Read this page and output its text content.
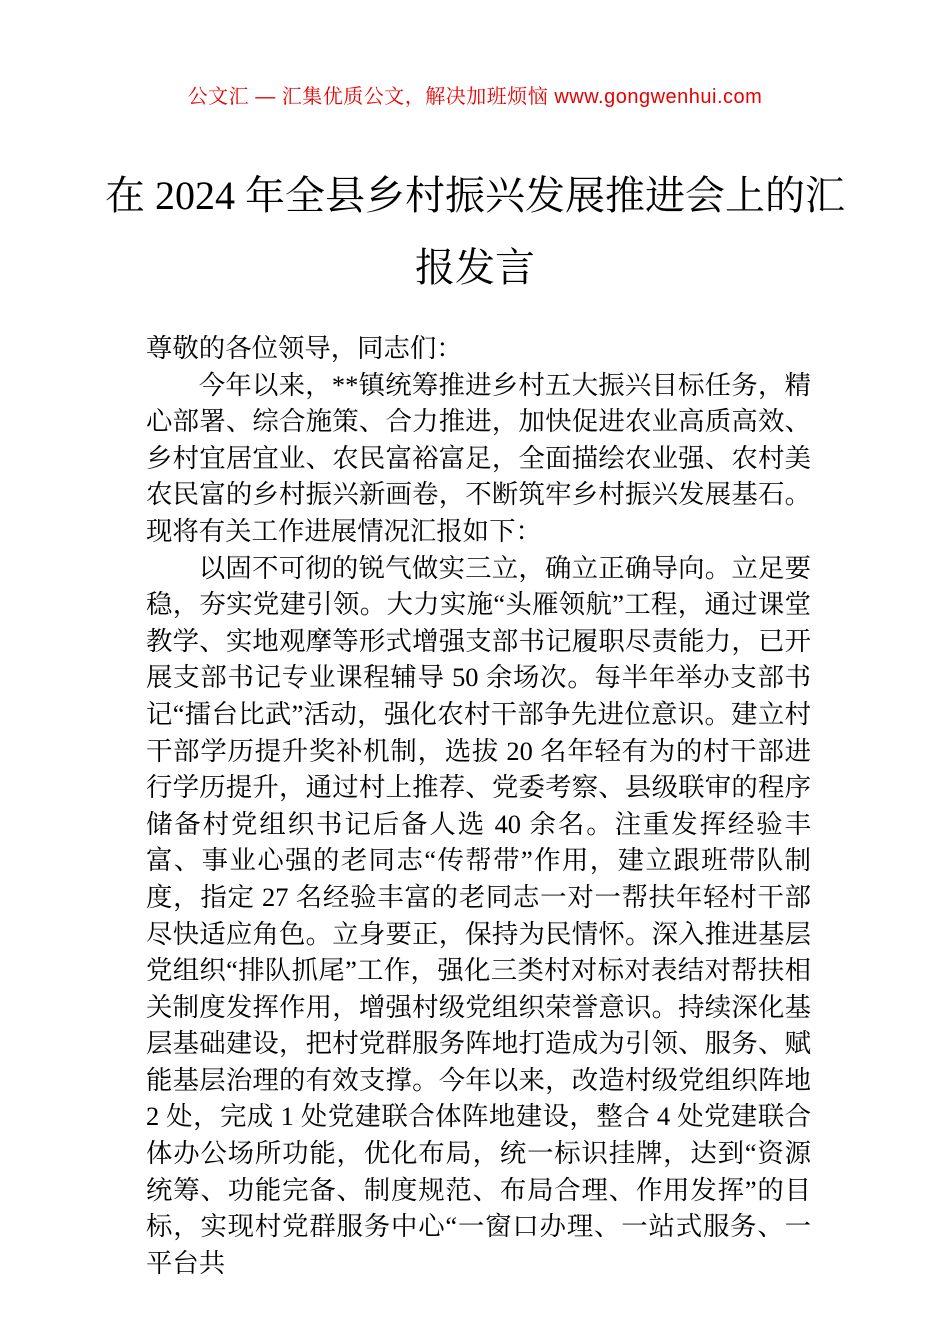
公文汇 — 汇集优质公文，解决加班烦恼 www.gongwenhui.com
在 2024 年全县乡村振兴发展推进会上的汇
报发言

尊敬的各位领导，同志们：

今年以来，**镇统筹推进乡村五大振兴目标任务，精心部署、综合施策、合力推进，加快促进农业高质高效、乡村宜居宜业、农民富裕富足，全面描绘农业强、农村美农民富的乡村振兴新画卷，不断筑牢乡村振兴发展基石。现将有关工作进展情况汇报如下：

以固不可彻的锐气做实三立，确立正确导向。立足要稳，夯实党建引领。大力实施“头雁领航”工程，通过课堂教学、实地观摩等形式增强支部书记履职尽责能力，已开展支部书记专业课程辅导 50 余场次。每半年举办支部书记“擂台比武”活动，强化农村干部争先进位意识。建立村干部学历提升奖补机制，选拔 20 名年轻有为的村干部进行学历提升，通过村上推荐、党委考察、县级联审的程序储备村党组织书记后备人选 40 余名。注重发挥经验丰富、事业心强的老同志“传帮带”作用，建立跟班带队制度，指定 27 名经验丰富的老同志一对一帮扶年轻村干部尽快适应角色。立身要正，保持为民情怀。深入推进基层党组织“排队抓尾”工作，强化三类村对标对表结对帮扶相关制度发挥作用，增强村级党组织荣誉意识。持续深化基层基础建设，把村党群服务阵地打造成为引领、服务、赋能基层治理的有效支撑。今年以来，改造村级党组织阵地 2 处，完成 1 处党建联合体阵地建设，整合 4 处党建联合体办公场所功能，优化布局，统一标识挂牌，达到“资源统筹、功能完备、制度规范、布局合理、作用发挥”的目标，实现村党群服务中心“一窗口办理、一站式服务、一平台共
